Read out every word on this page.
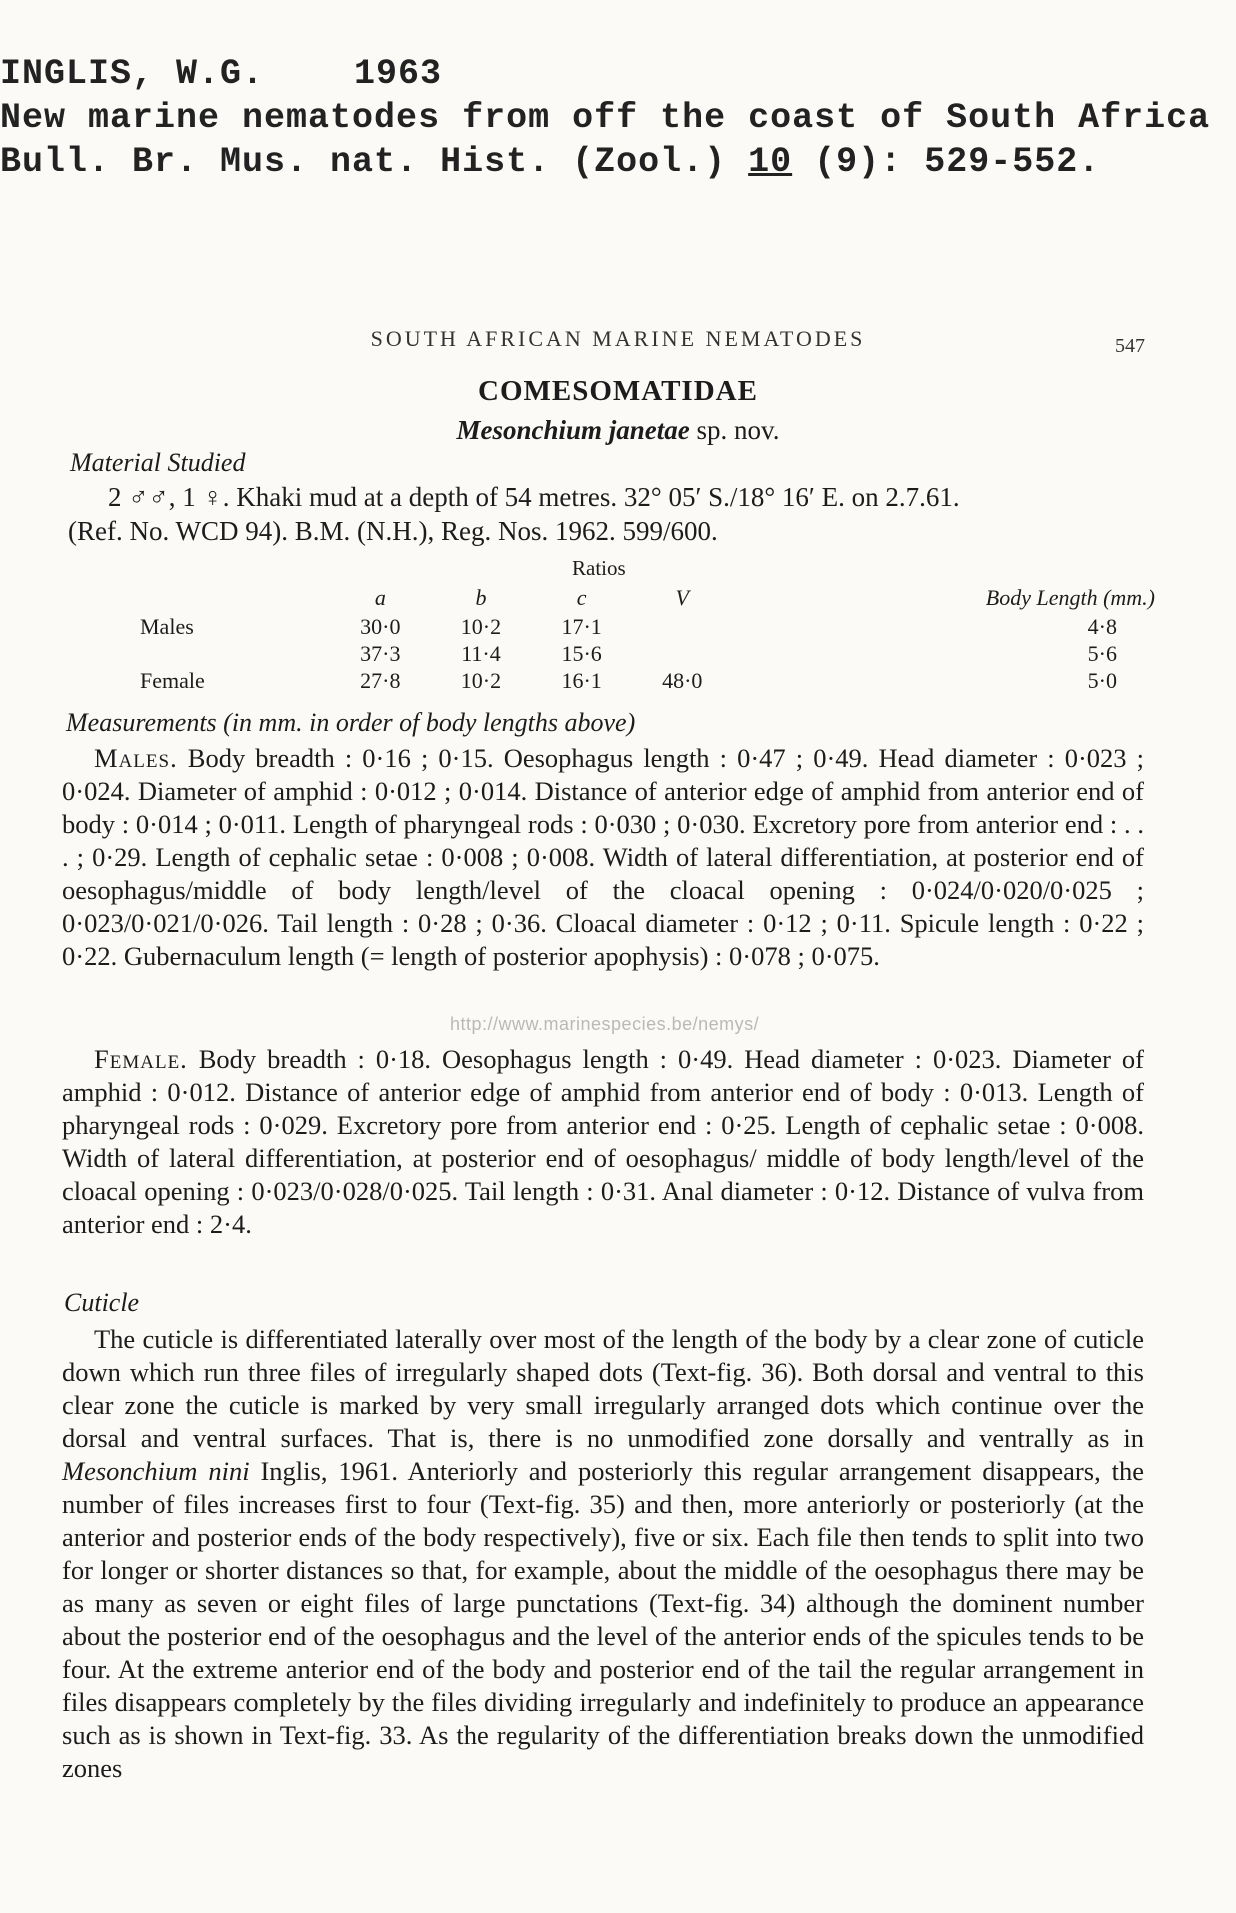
INGLIS, W.G.	1963
New marine nematodes from off the coast of South Africa
Bull. Br. Mus. nat. Hist. (Zool.) 10 (9): 529-552.
SOUTH AFRICAN MARINE NEMATODES	547
COMESOMATIDAE
Mesonchium janetae sp. nov.
Material Studied
2 ♂♂, 1 ♀. Khaki mud at a depth of 54 metres. 32° 05′ S./18° 16′ E. on 2.7.61.
(Ref. No. WCD 94). B.M. (N.H.), Reg. Nos. 1962. 599/600.
Ratios
	a	b	c	V	Body Length (mm.)
Males	30·0	10·2	17·1		4·8
	37·3	11·4	15·6		5·6
Female	27·8	10·2	16·1	48·0	5·0
Measurements (in mm. in order of body lengths above)
Males. Body breadth : 0·16 ; 0·15. Oesophagus length : 0·47 ; 0·49. Head diameter : 0·023 ; 0·024. Diameter of amphid : 0·012 ; 0·014. Distance of anterior edge of amphid from anterior end of body : 0·014 ; 0·011. Length of pharyngeal rods : 0·030 ; 0·030. Excretory pore from anterior end : . . . ; 0·29. Length of cephalic setae : 0·008 ; 0·008. Width of lateral differentiation, at posterior end of oesophagus/middle of body length/level of the cloacal opening : 0·024/0·020/0·025 ; 0·023/0·021/0·026. Tail length : 0·28 ; 0·36. Cloacal diameter : 0·12 ; 0·11. Spicule length : 0·22 ; 0·22. Gubernaculum length (= length of posterior apophysis) : 0·078 ; 0·075.
Female. Body breadth : 0·18. Oesophagus length : 0·49. Head diameter : 0·023. Diameter of amphid : 0·012. Distance of anterior edge of amphid from anterior end of body : 0·013. Length of pharyngeal rods : 0·029. Excretory pore from anterior end : 0·25. Length of cephalic setae : 0·008. Width of lateral differentiation, at posterior end of oesophagus/ middle of body length/level of the cloacal opening : 0·023/0·028/0·025. Tail length : 0·31. Anal diameter : 0·12. Distance of vulva from anterior end : 2·4.
Cuticle
The cuticle is differentiated laterally over most of the length of the body by a clear zone of cuticle down which run three files of irregularly shaped dots (Text-fig. 36). Both dorsal and ventral to this clear zone the cuticle is marked by very small irregularly arranged dots which continue over the dorsal and ventral surfaces. That is, there is no unmodified zone dorsally and ventrally as in Mesonchium nini Inglis, 1961. Anteriorly and posteriorly this regular arrangement disappears, the number of files increases first to four (Text-fig. 35) and then, more anteriorly or posteriorly (at the anterior and posterior ends of the body respectively), five or six. Each file then tends to split into two for longer or shorter distances so that, for example, about the middle of the oesophagus there may be as many as seven or eight files of large punctations (Text-fig. 34) although the dominent number about the posterior end of the oesophagus and the level of the anterior ends of the spicules tends to be four. At the extreme anterior end of the body and posterior end of the tail the regular arrangement in files disappears completely by the files dividing irregularly and indefinitely to produce an appearance such as is shown in Text-fig. 33. As the regularity of the differentiation breaks down the unmodified zones
http://www.marinespecies.be/nemys/
